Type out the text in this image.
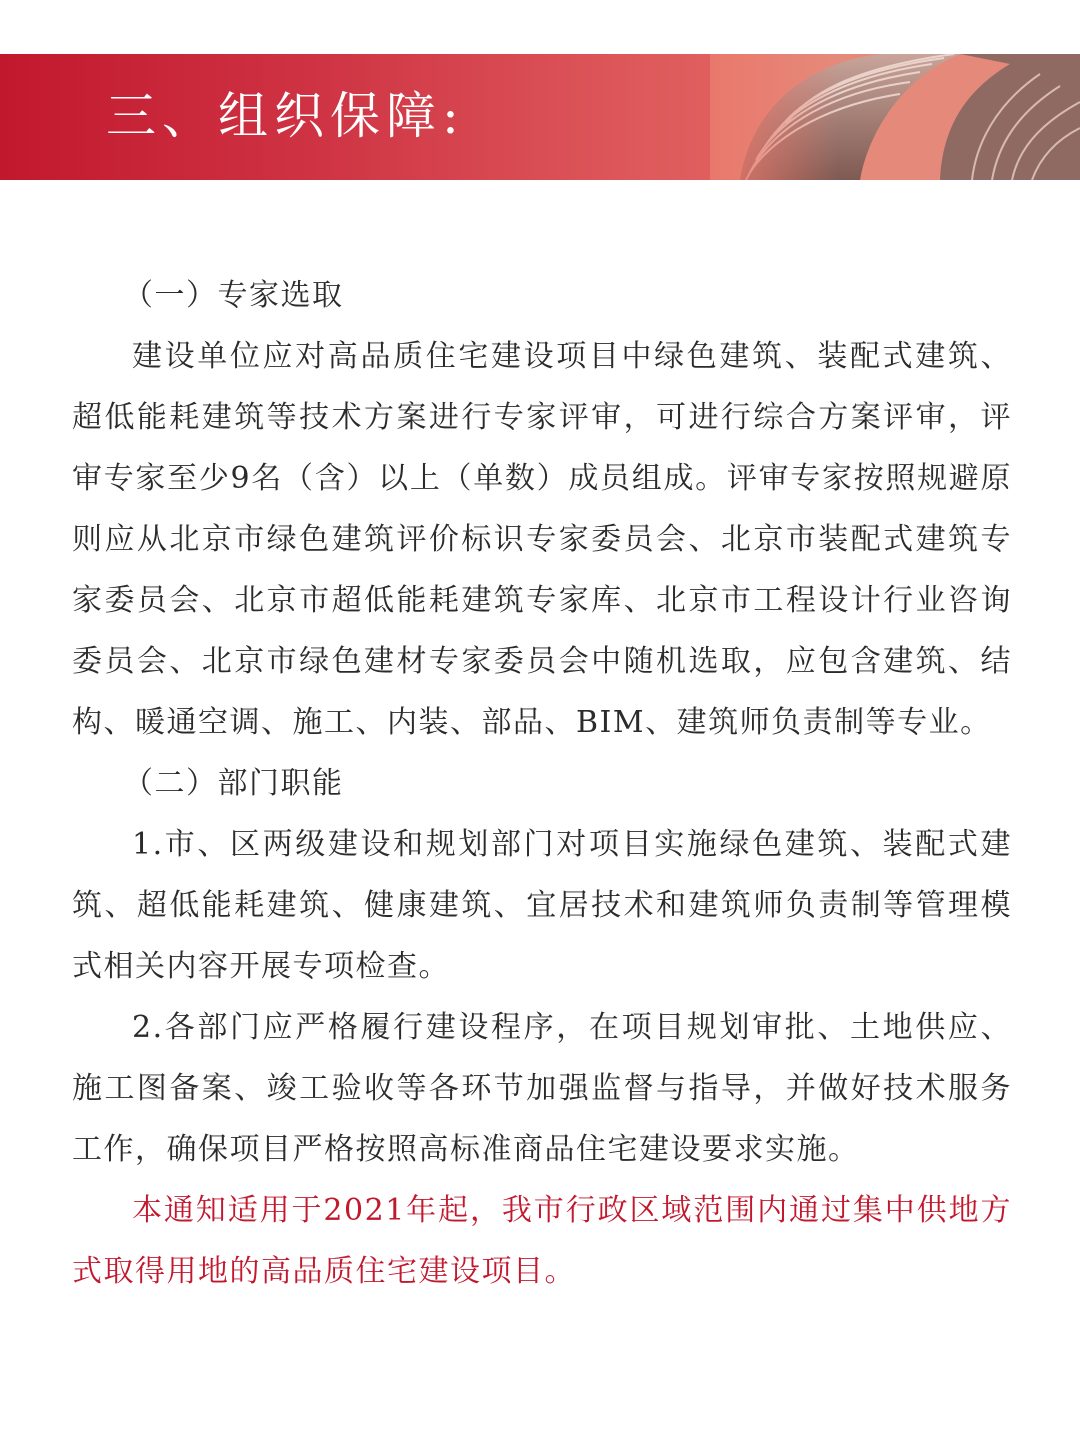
三、组织保障:

（一）专家选取

建设单位应对高品质住宅建设项目中绿色建筑、装配式建筑、超低能耗建筑等技术方案进行专家评审，可进行综合方案评审，评审专家至少9名（含）以上（单数）成员组成。评审专家按照规避原则应从北京市绿色建筑评价标识专家委员会、北京市装配式建筑专家委员会、北京市超低能耗建筑专家库、北京市工程设计行业咨询委员会、北京市绿色建材专家委员会中随机选取，应包含建筑、结构、暖通空调、施工、内装、部品、BIM、建筑师负责制等专业。

（二）部门职能

1.市、区两级建设和规划部门对项目实施绿色建筑、装配式建筑、超低能耗建筑、健康建筑、宜居技术和建筑师负责制等管理模式相关内容开展专项检查。

2.各部门应严格履行建设程序，在项目规划审批、土地供应、施工图备案、竣工验收等各环节加强监督与指导，并做好技术服务工作，确保项目严格按照高标准商品住宅建设要求实施。

本通知适用于2021年起，我市行政区域范围内通过集中供地方式取得用地的高品质住宅建设项目。
